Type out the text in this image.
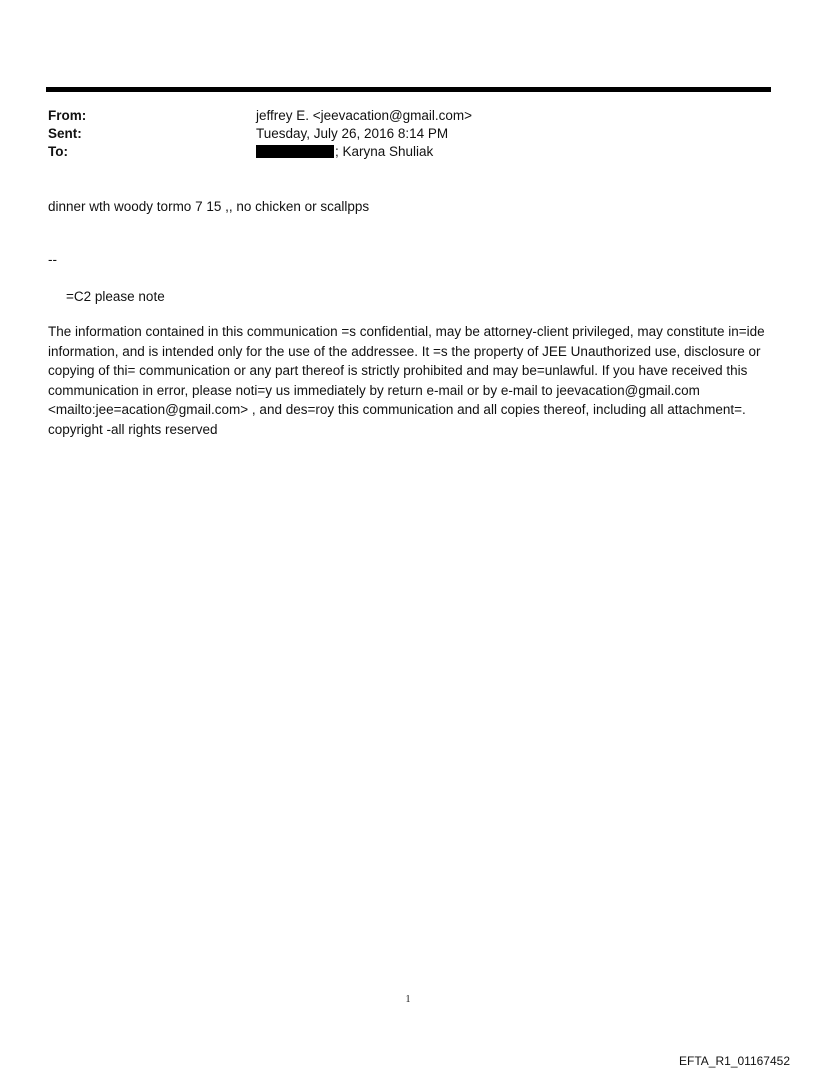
From:	jeffrey E. <jeevacation@gmail.com>
Sent:	Tuesday, July 26, 2016 8:14 PM
To:	; Karyna Shuliak
dinner wth woody tormo 7 15 ,, no chicken or scallpps
--
=C2 please note
The information contained in this communication =s confidential, may be attorney-client privileged, may constitute in=ide information, and is intended only for the use of the addressee. It =s the property of JEE Unauthorized use, disclosure or copying of thi= communication or any part thereof is strictly prohibited and may be=unlawful. If you have received this communication in error, please noti=y us immediately by return e-mail or by e-mail to jeevacation@gmail.com <mailto:jee=acation@gmail.com> , and des=roy this communication and all copies thereof, including all attachment=. copyright -all rights reserved
1
EFTA_R1_01167452
